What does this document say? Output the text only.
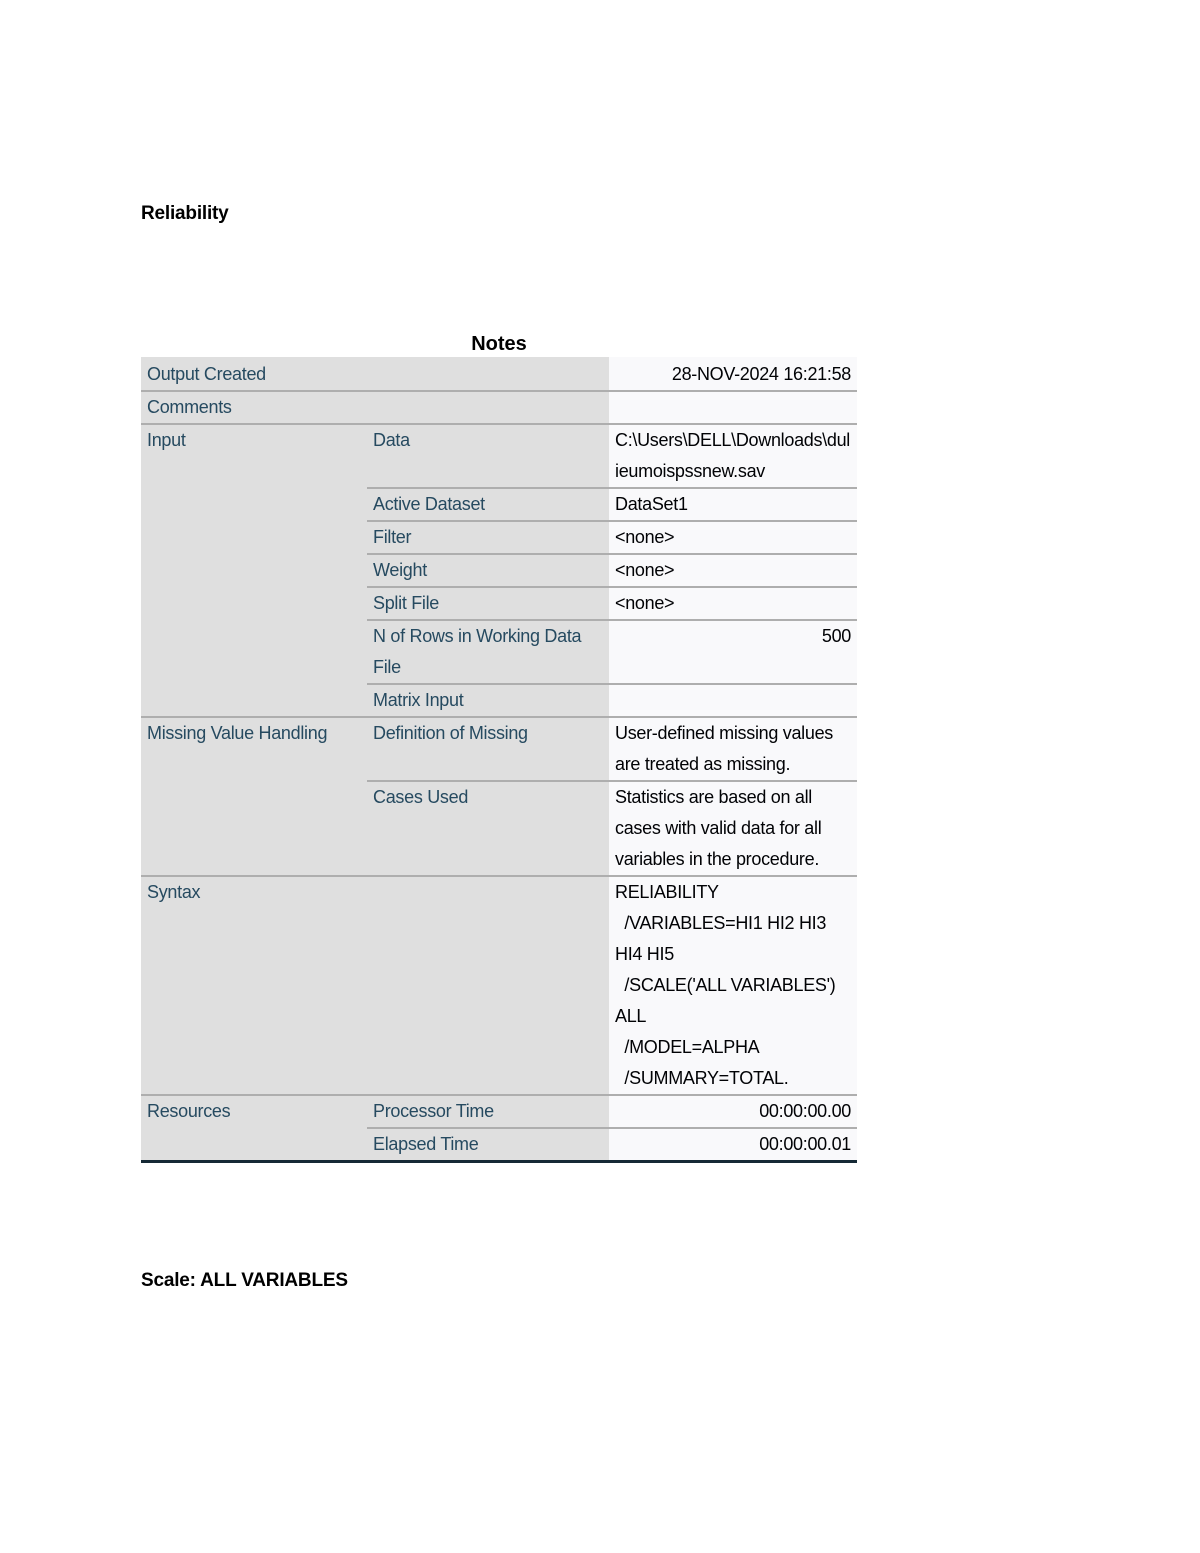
Reliability
Notes
Output Created		28-NOV-2024 16:21:58
Comments		
Input	Data	C:\Users\DELL\Downloads\dulieumoispssnew.sav
	Active Dataset	DataSet1
	Filter	<none>
	Weight	<none>
	Split File	<none>
	N of Rows in Working Data File	500
	Matrix Input	
Missing Value Handling	Definition of Missing	User-defined missing values are treated as missing.
	Cases Used	Statistics are based on all cases with valid data for all variables in the procedure.
Syntax		RELIABILITY
/VARIABLES=HI1 HI2 HI3 HI4 HI5
/SCALE('ALL VARIABLES') ALL
/MODEL=ALPHA
/SUMMARY=TOTAL.
Resources	Processor Time	00:00:00.00
	Elapsed Time	00:00:00.01
Scale: ALL VARIABLES
